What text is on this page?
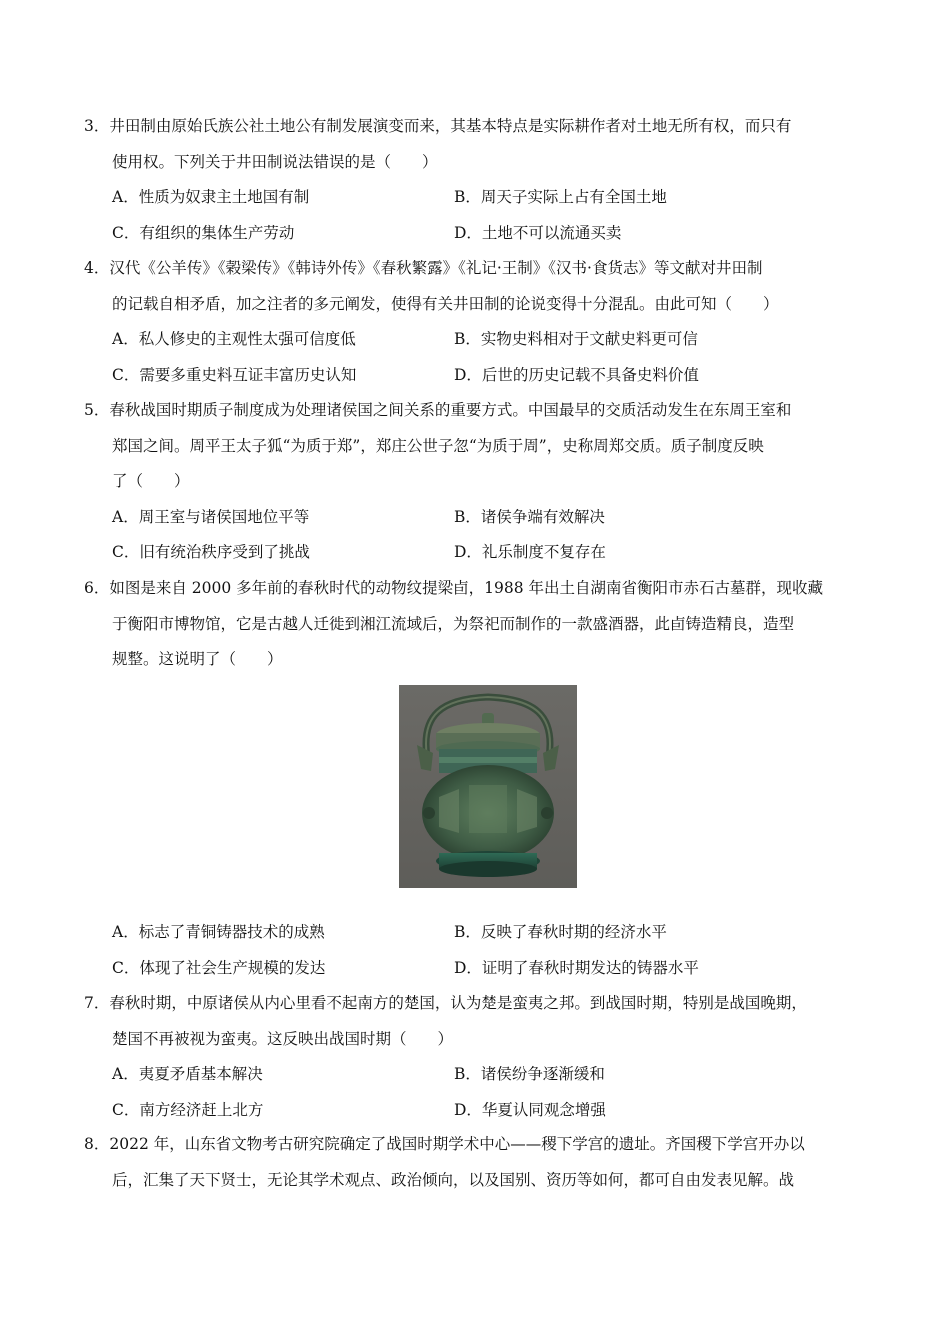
3．井田制由原始氏族公社土地公有制发展演变而来，其基本特点是实际耕作者对土地无所有权，而只有
使用权。下列关于井田制说法错误的是（　　）
A．性质为奴隶主土地国有制	B．周天子实际上占有全国土地
C．有组织的集体生产劳动	D．土地不可以流通买卖
4．汉代《公羊传》《榖梁传》《韩诗外传》《春秋繁露》《礼记·王制》《汉书·食货志》等文献对井田制
的记载自相矛盾，加之注者的多元阐发，使得有关井田制的论说变得十分混乱。由此可知（　　）
A．私人修史的主观性太强可信度低	B．实物史料相对于文献史料更可信
C．需要多重史料互证丰富历史认知	D．后世的历史记载不具备史料价值
5．春秋战国时期质子制度成为处理诸侯国之间关系的重要方式。中国最早的交质活动发生在东周王室和
郑国之间。周平王太子狐“为质于郑”，郑庄公世子忽“为质于周”，史称周郑交质。质子制度反映
了（　　）
A．周王室与诸侯国地位平等	B．诸侯争端有效解决
C．旧有统治秩序受到了挑战	D．礼乐制度不复存在
6．如图是来自 2000 多年前的春秋时代的动物纹提梁卣，1988 年出土自湖南省衡阳市赤石古墓群，现收藏
于衡阳市博物馆，它是古越人迁徙到湘江流域后，为祭祀而制作的一款盛酒器，此卣铸造精良，造型
规整。这说明了（　　）
A．标志了青铜铸器技术的成熟	B．反映了春秋时期的经济水平
C．体现了社会生产规模的发达	D．证明了春秋时期发达的铸器水平
7．春秋时期，中原诸侯从内心里看不起南方的楚国，认为楚是蛮夷之邦。到战国时期，特别是战国晚期，
楚国不再被视为蛮夷。这反映出战国时期（　　）
A．夷夏矛盾基本解决	B．诸侯纷争逐渐缓和
C．南方经济赶上北方	D．华夏认同观念增强
8．2022 年，山东省文物考古研究院确定了战国时期学术中心——稷下学宫的遗址。齐国稷下学宫开办以
后，汇集了天下贤士，无论其学术观点、政治倾向，以及国别、资历等如何，都可自由发表见解。战
